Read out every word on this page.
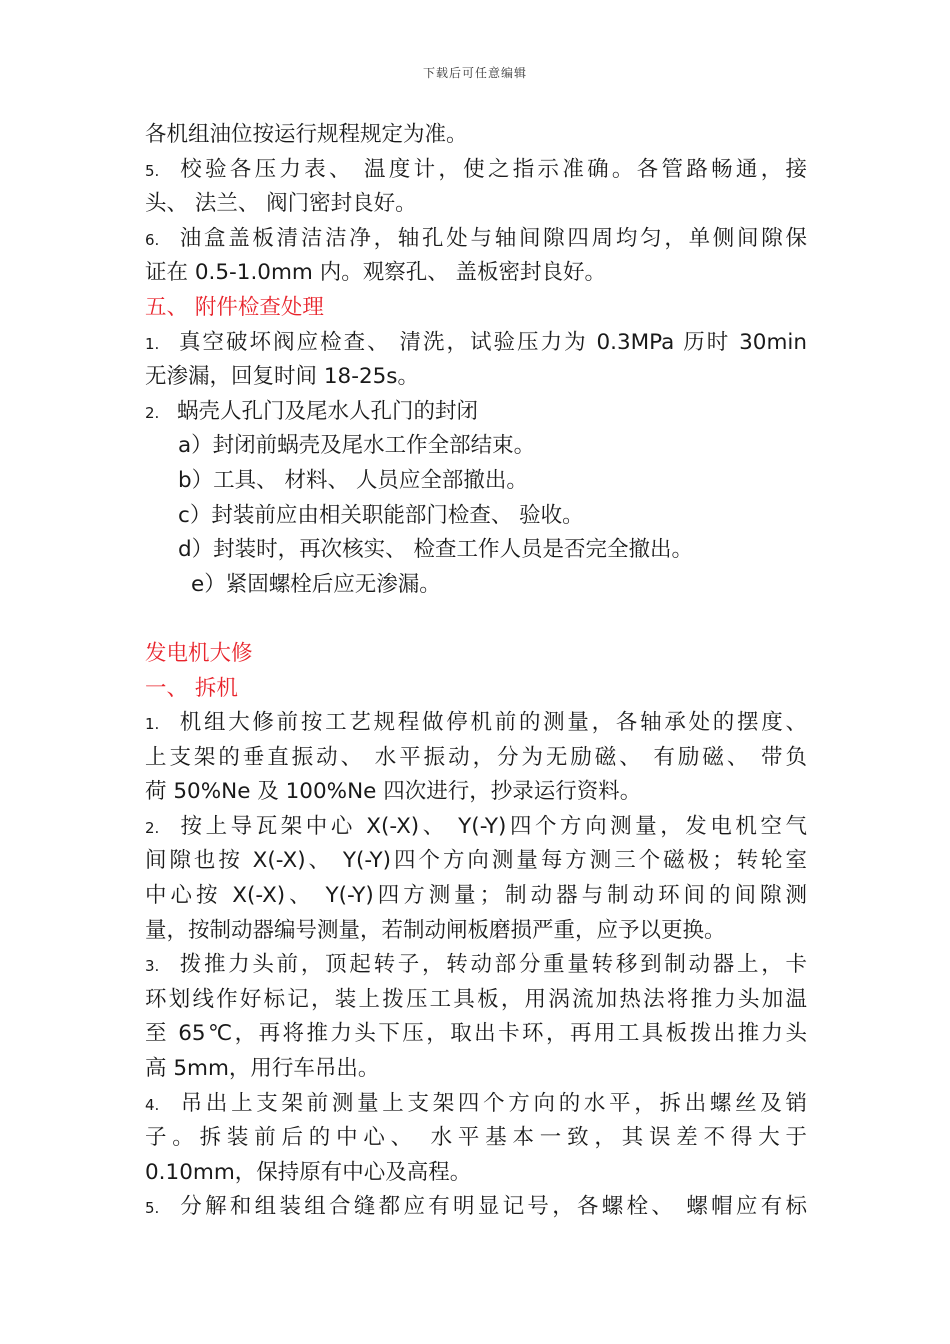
下载后可任意编辑
各机组油位按运行规程规定为准。
5. 校验各压力表、 温度计，使之指示准确。各管路畅通，接
头、 法兰、 阀门密封良好。
6. 油盒盖板清洁洁净，轴孔处与轴间隙四周均匀，单侧间隙保
证在 0.5-1.0mm 内。观察孔、 盖板密封良好。
五、 附件检查处理
1. 真空破坏阀应检查、 清洗，试验压力为 0.3MPa 历时 30min
无渗漏，回复时间 18-25s。
2. 蜗壳人孔门及尾水人孔门的封闭
a）封闭前蜗壳及尾水工作全部结束。
b）工具、 材料、 人员应全部撤出。
c）封装前应由相关职能部门检查、 验收。
d）封装时，再次核实、 检查工作人员是否完全撤出。
e）紧固螺栓后应无渗漏。
发电机大修
一、 拆机
1. 机组大修前按工艺规程做停机前的测量，各轴承处的摆度、
上支架的垂直振动、 水平振动，分为无励磁、 有励磁、 带负
荷 50%Ne 及 100%Ne 四次进行，抄录运行资料。
2. 按上导瓦架中心 X(-X)、 Y(-Y)四个方向测量，发电机空气
间隙也按 X(-X)、 Y(-Y)四个方向测量每方测三个磁极；转轮室
中心按 X(-X)、 Y(-Y)四方测量；制动器与制动环间的间隙测
量，按制动器编号测量，若制动闸板磨损严重，应予以更换。
3. 拨推力头前，顶起转子，转动部分重量转移到制动器上，卡
环划线作好标记，装上拨压工具板，用涡流加热法将推力头加温
至 65℃，再将推力头下压，取出卡环，再用工具板拨出推力头
高 5mm，用行车吊出。
4. 吊出上支架前测量上支架四个方向的水平，拆出螺丝及销
子。拆装前后的中心、 水平基本一致，其误差不得大于
0.10mm，保持原有中心及高程。
5. 分解和组装组合缝都应有明显记号，各螺栓、 螺帽应有标
